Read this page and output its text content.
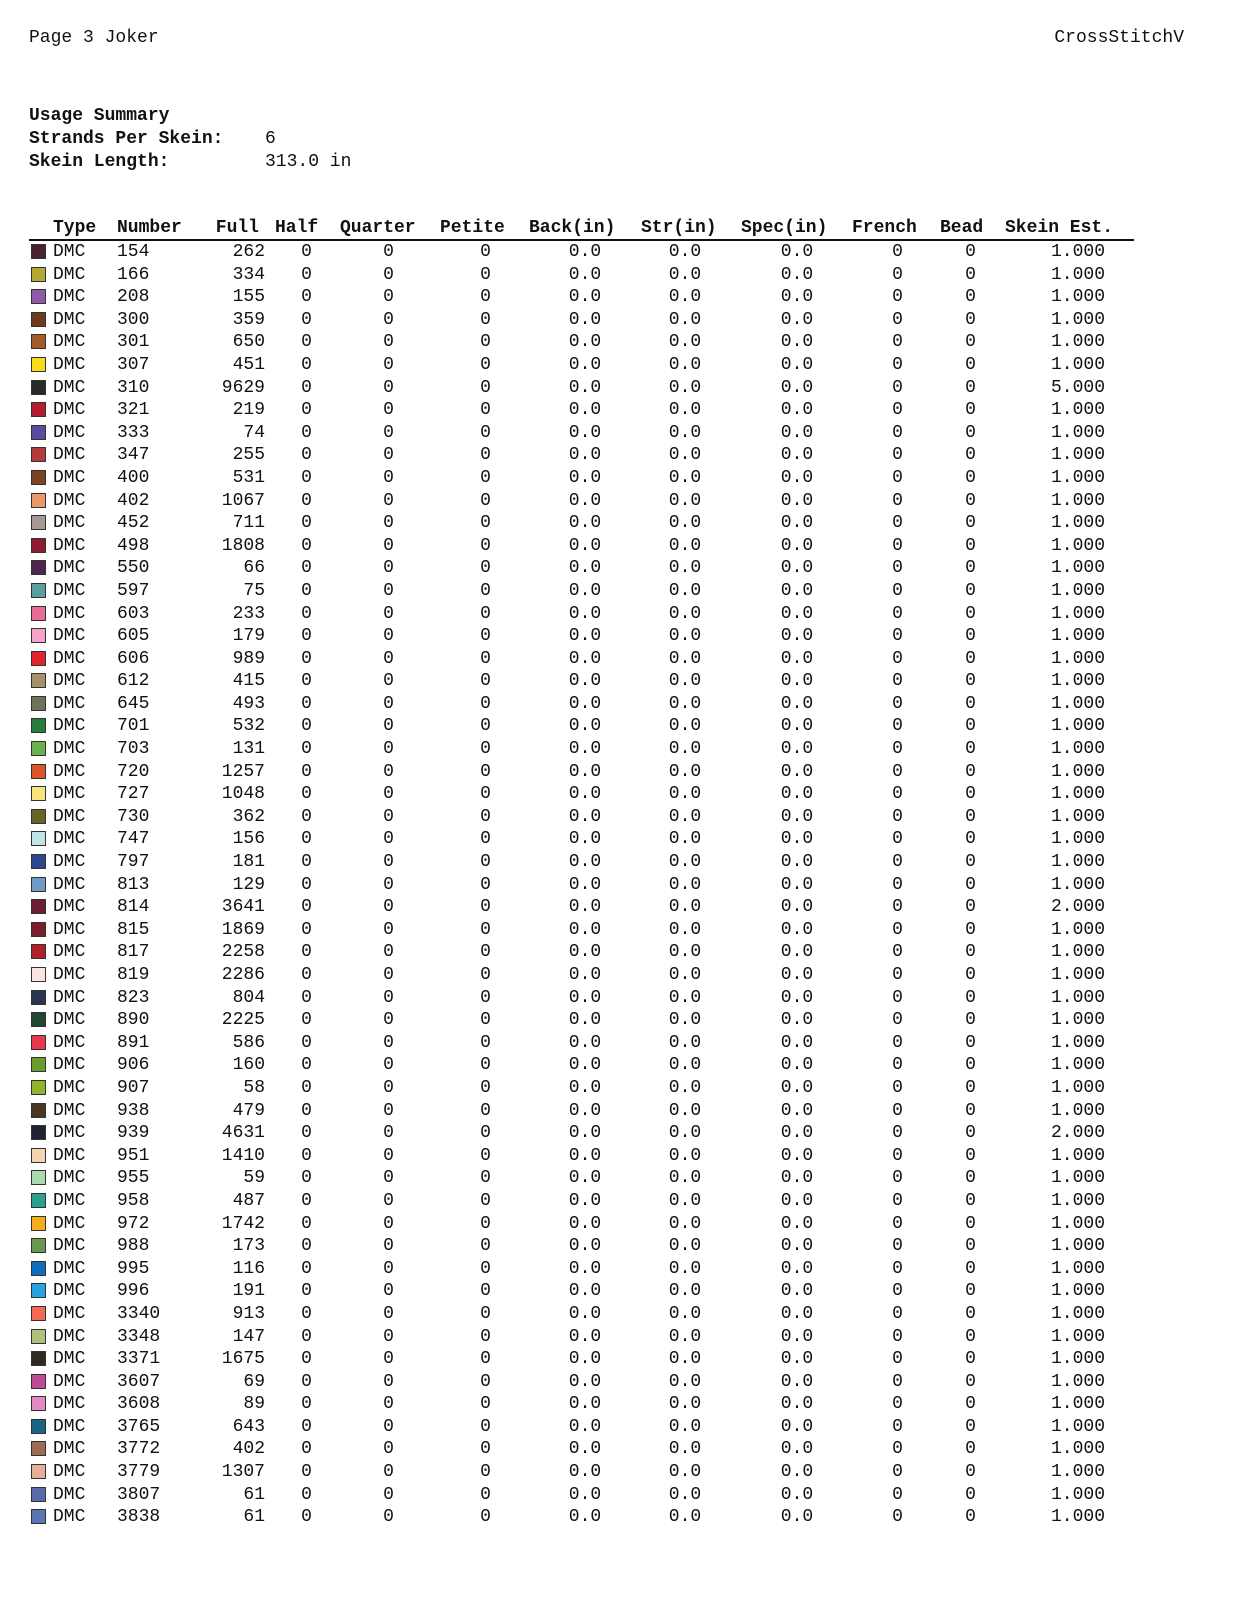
Page 3 Joker	CrossStitchV
Usage Summary
Strands Per Skein:	6
Skein Length:	313.0 in
Type Number	Full Half Quarter Petite Back(in) Str(in) Spec(in) French Bead Skein Est.
DMC 154	262 0	0	0	0.0	0.0	0.0	0	0	1.000
DMC 166	334 0	0	0	0.0	0.0	0.0	0	0	1.000
DMC 208	155 0	0	0	0.0	0.0	0.0	0	0	1.000
DMC 300	359 0	0	0	0.0	0.0	0.0	0	0	1.000
DMC 301	650 0	0	0	0.0	0.0	0.0	0	0	1.000
DMC 307	451 0	0	0	0.0	0.0	0.0	0	0	1.000
DMC 310	9629 0	0	0	0.0	0.0	0.0	0	0	5.000
DMC 321	219 0	0	0	0.0	0.0	0.0	0	0	1.000
DMC 333	74 0	0	0	0.0	0.0	0.0	0	0	1.000
DMC 347	255 0	0	0	0.0	0.0	0.0	0	0	1.000
DMC 400	531 0	0	0	0.0	0.0	0.0	0	0	1.000
DMC 402	1067 0	0	0	0.0	0.0	0.0	0	0	1.000
DMC 452	711 0	0	0	0.0	0.0	0.0	0	0	1.000
DMC 498	1808 0	0	0	0.0	0.0	0.0	0	0	1.000
DMC 550	66 0	0	0	0.0	0.0	0.0	0	0	1.000
DMC 597	75 0	0	0	0.0	0.0	0.0	0	0	1.000
DMC 603	233 0	0	0	0.0	0.0	0.0	0	0	1.000
DMC 605	179 0	0	0	0.0	0.0	0.0	0	0	1.000
DMC 606	989 0	0	0	0.0	0.0	0.0	0	0	1.000
DMC 612	415 0	0	0	0.0	0.0	0.0	0	0	1.000
DMC 645	493 0	0	0	0.0	0.0	0.0	0	0	1.000
DMC 701	532 0	0	0	0.0	0.0	0.0	0	0	1.000
DMC 703	131 0	0	0	0.0	0.0	0.0	0	0	1.000
DMC 720	1257 0	0	0	0.0	0.0	0.0	0	0	1.000
DMC 727	1048 0	0	0	0.0	0.0	0.0	0	0	1.000
DMC 730	362 0	0	0	0.0	0.0	0.0	0	0	1.000
DMC 747	156 0	0	0	0.0	0.0	0.0	0	0	1.000
DMC 797	181 0	0	0	0.0	0.0	0.0	0	0	1.000
DMC 813	129 0	0	0	0.0	0.0	0.0	0	0	1.000
DMC 814	3641 0	0	0	0.0	0.0	0.0	0	0	2.000
DMC 815	1869 0	0	0	0.0	0.0	0.0	0	0	1.000
DMC 817	2258 0	0	0	0.0	0.0	0.0	0	0	1.000
DMC 819	2286 0	0	0	0.0	0.0	0.0	0	0	1.000
DMC 823	804 0	0	0	0.0	0.0	0.0	0	0	1.000
DMC 890	2225 0	0	0	0.0	0.0	0.0	0	0	1.000
DMC 891	586 0	0	0	0.0	0.0	0.0	0	0	1.000
DMC 906	160 0	0	0	0.0	0.0	0.0	0	0	1.000
DMC 907	58 0	0	0	0.0	0.0	0.0	0	0	1.000
DMC 938	479 0	0	0	0.0	0.0	0.0	0	0	1.000
DMC 939	4631 0	0	0	0.0	0.0	0.0	0	0	2.000
DMC 951	1410 0	0	0	0.0	0.0	0.0	0	0	1.000
DMC 955	59 0	0	0	0.0	0.0	0.0	0	0	1.000
DMC 958	487 0	0	0	0.0	0.0	0.0	0	0	1.000
DMC 972	1742 0	0	0	0.0	0.0	0.0	0	0	1.000
DMC 988	173 0	0	0	0.0	0.0	0.0	0	0	1.000
DMC 995	116 0	0	0	0.0	0.0	0.0	0	0	1.000
DMC 996	191 0	0	0	0.0	0.0	0.0	0	0	1.000
DMC 3340	913 0	0	0	0.0	0.0	0.0	0	0	1.000
DMC 3348	147 0	0	0	0.0	0.0	0.0	0	0	1.000
DMC 3371	1675 0	0	0	0.0	0.0	0.0	0	0	1.000
DMC 3607	69 0	0	0	0.0	0.0	0.0	0	0	1.000
DMC 3608	89 0	0	0	0.0	0.0	0.0	0	0	1.000
DMC 3765	643 0	0	0	0.0	0.0	0.0	0	0	1.000
DMC 3772	402 0	0	0	0.0	0.0	0.0	0	0	1.000
DMC 3779	1307 0	0	0	0.0	0.0	0.0	0	0	1.000
DMC 3807	61 0	0	0	0.0	0.0	0.0	0	0	1.000
DMC 3838	61 0	0	0	0.0	0.0	0.0	0	0	1.000
